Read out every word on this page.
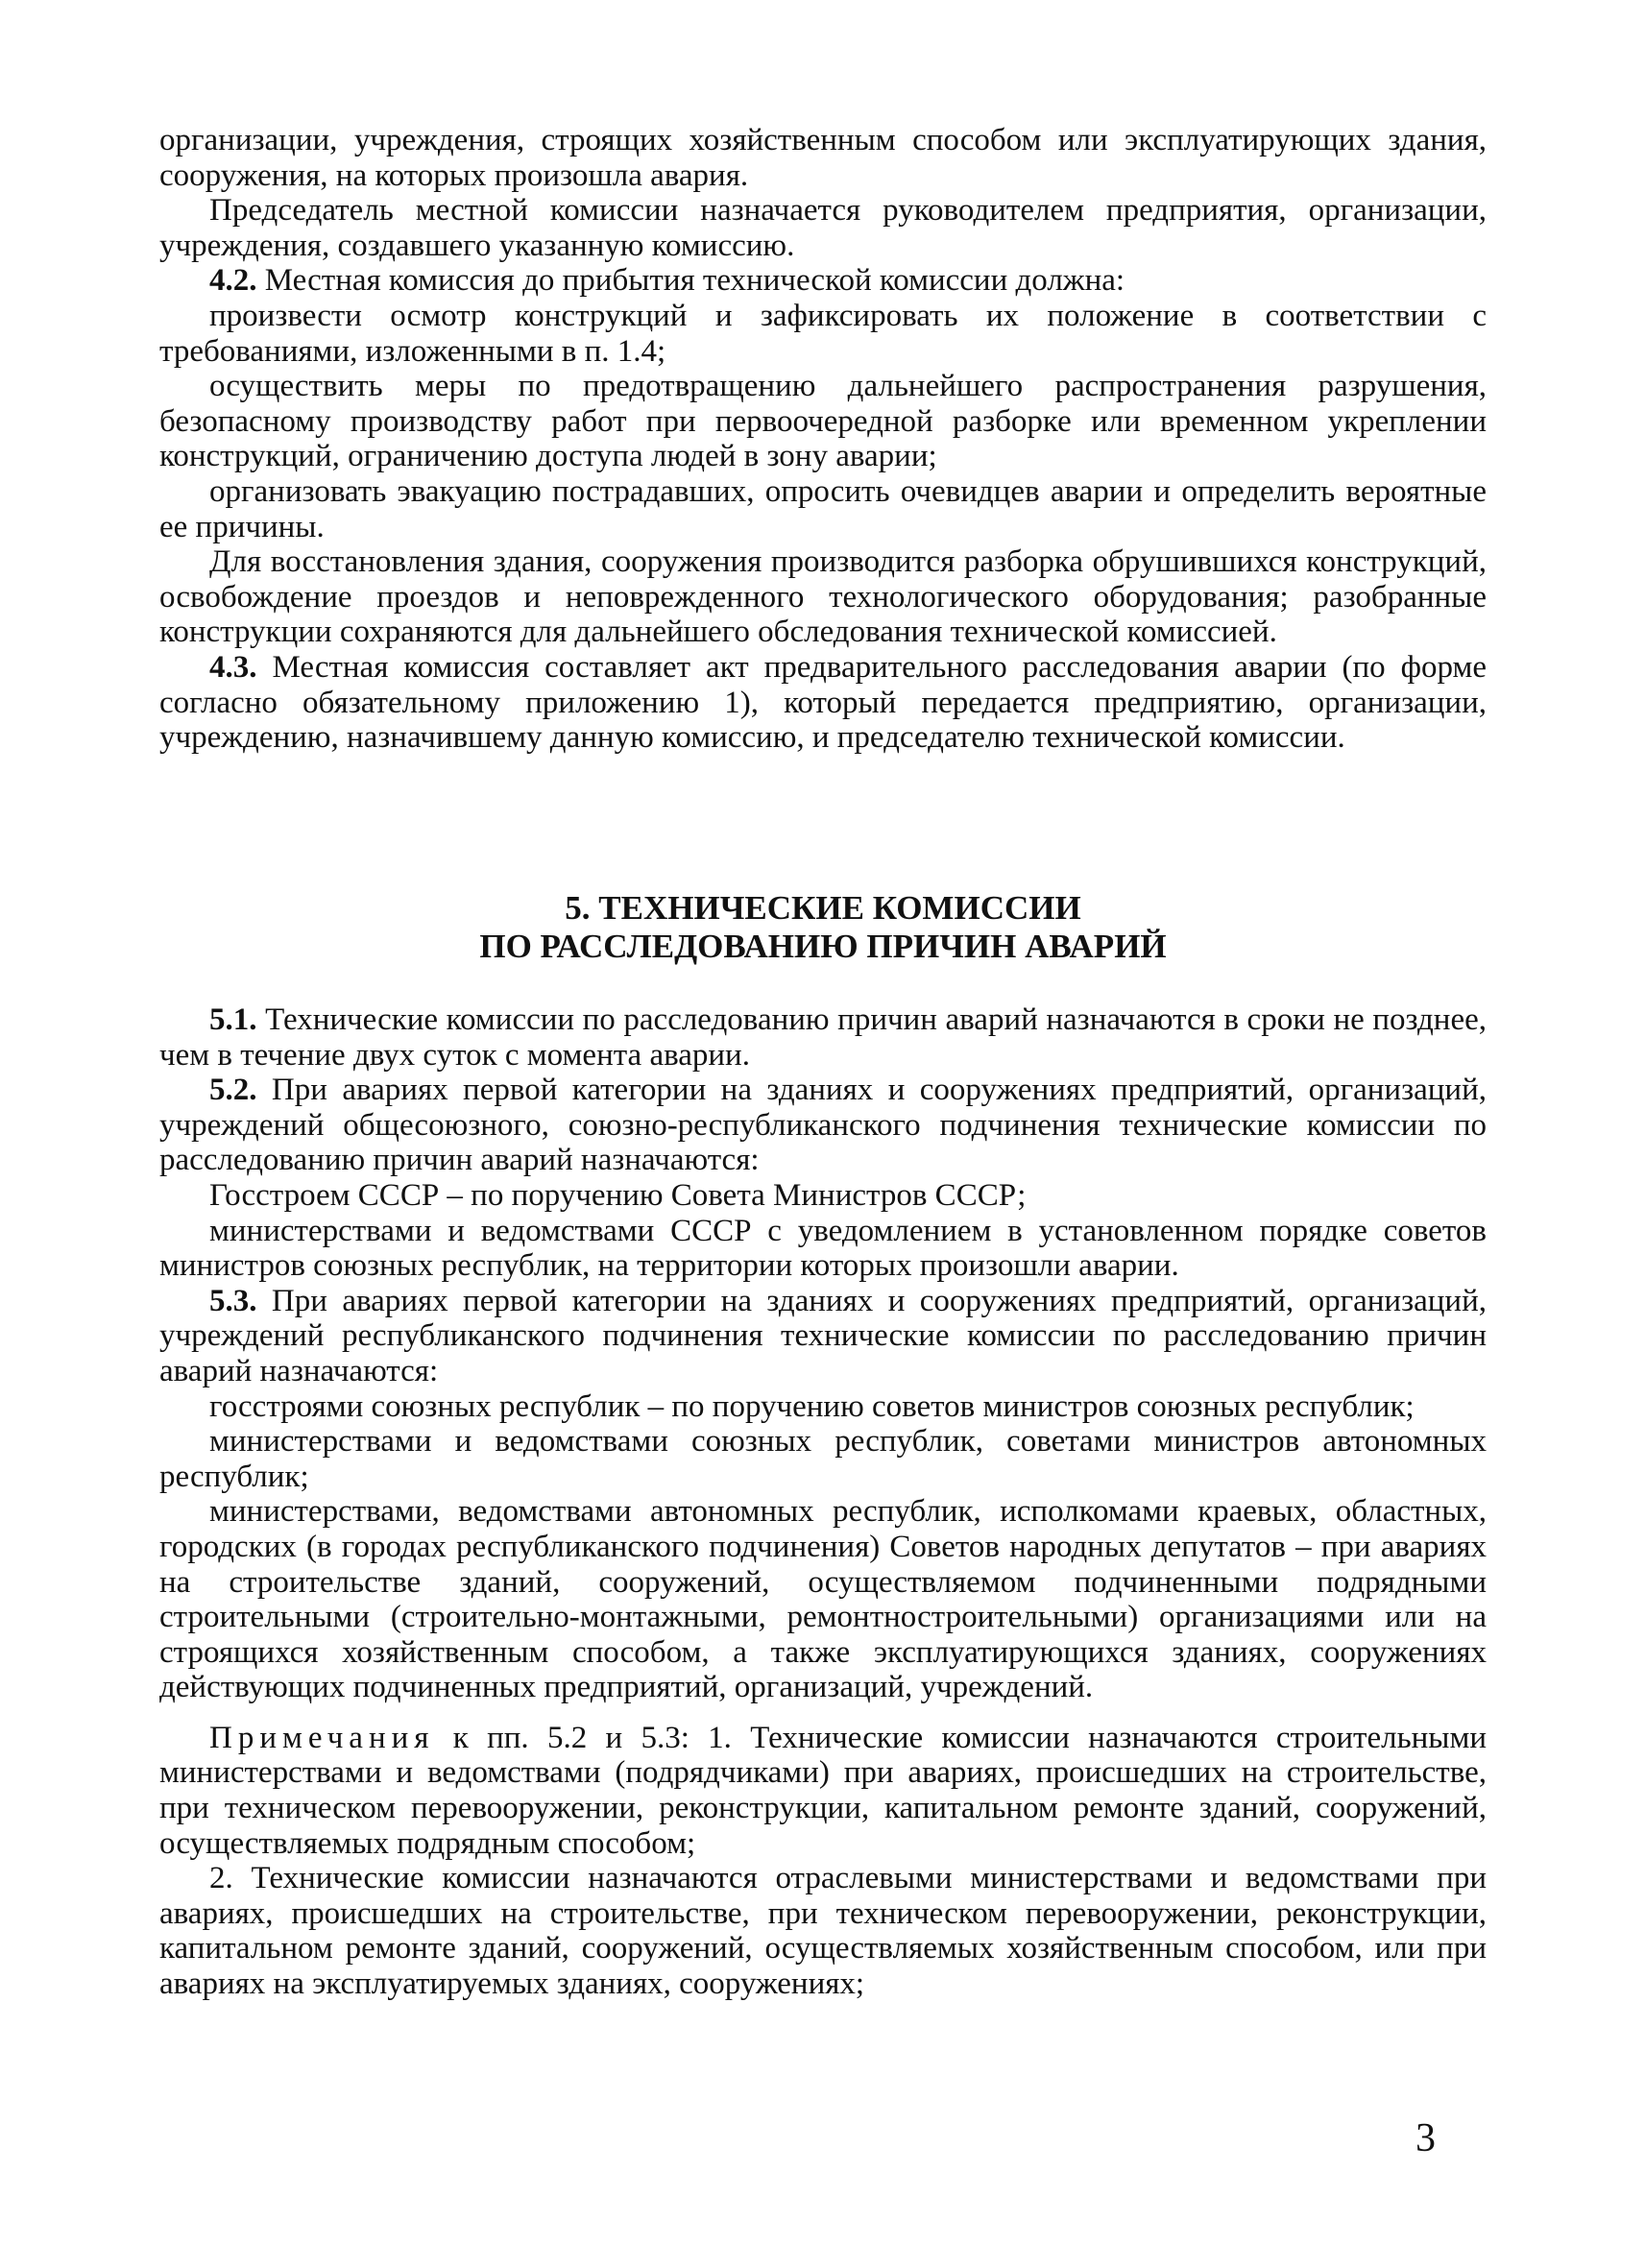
организации, учреждения, строящих хозяйственным способом или эксплуатирующих здания, сооружения, на которых произошла авария.

Председатель местной комиссии назначается руководителем предприятия, организации, учреждения, создавшего указанную комиссию.

4.2. Местная комиссия до прибытия технической комиссии должна:

произвести осмотр конструкций и зафиксировать их положение в соответствии с требованиями, изложенными в п. 1.4;

осуществить меры по предотвращению дальнейшего распространения разрушения, безопасному производству работ при первоочередной разборке или временном укреплении конструкций, ограничению доступа людей в зону аварии;

организовать эвакуацию пострадавших, опросить очевидцев аварии и определить вероятные ее причины.

Для восстановления здания, сооружения производится разборка обрушившихся конструкций, освобождение проездов и неповрежденного технологического оборудования; разобранные конструкции сохраняются для дальнейшего обследования технической комиссией.

4.3. Местная комиссия составляет акт предварительного расследования аварии (по форме согласно обязательному приложению 1), который передается предприятию, организации, учреждению, назначившему данную комиссию, и председателю технической комиссии.

5. ТЕХНИЧЕСКИЕ КОМИССИИ
ПО РАССЛЕДОВАНИЮ ПРИЧИН АВАРИЙ

5.1. Технические комиссии по расследованию причин аварий назначаются в сроки не позднее, чем в течение двух суток с момента аварии.

5.2. При авариях первой категории на зданиях и сооружениях предприятий, организаций, учреждений общесоюзного, союзно-республиканского подчинения технические комиссии по расследованию причин аварий назначаются:

Госстроем СССР – по поручению Совета Министров СССР;

министерствами и ведомствами СССР с уведомлением в установленном порядке советов министров союзных республик, на территории которых произошли аварии.

5.3. При авариях первой категории на зданиях и сооружениях предприятий, организаций, учреждений республиканского подчинения технические комиссии по расследованию причин аварий назначаются:

госстроями союзных республик – по поручению советов министров союзных республик;

министерствами и ведомствами союзных республик, советами министров автономных республик;

министерствами, ведомствами автономных республик, исполкомами краевых, областных, городских (в городах республиканского подчинения) Советов народных депутатов – при авариях на строительстве зданий, сооружений, осуществляемом подчиненными подрядными строительными (строительно-монтажными, ремонтностроительными) организациями или на строящихся хозяйственным способом, а также эксплуатирующихся зданиях, сооружениях действующих подчиненных предприятий, организаций, учреждений.

Примечания к пп. 5.2 и 5.3: 1. Технические комиссии назначаются строительными министерствами и ведомствами (подрядчиками) при авариях, происшедших на строительстве, при техническом перевооружении, реконструкции, капитальном ремонте зданий, сооружений, осуществляемых подрядным способом;

2. Технические комиссии назначаются отраслевыми министерствами и ведомствами при авариях, происшедших на строительстве, при техническом перевооружении, реконструкции, капитальном ремонте зданий, сооружений, осуществляемых хозяйственным способом, или при авариях на эксплуатируемых зданиях, сооружениях;

3
